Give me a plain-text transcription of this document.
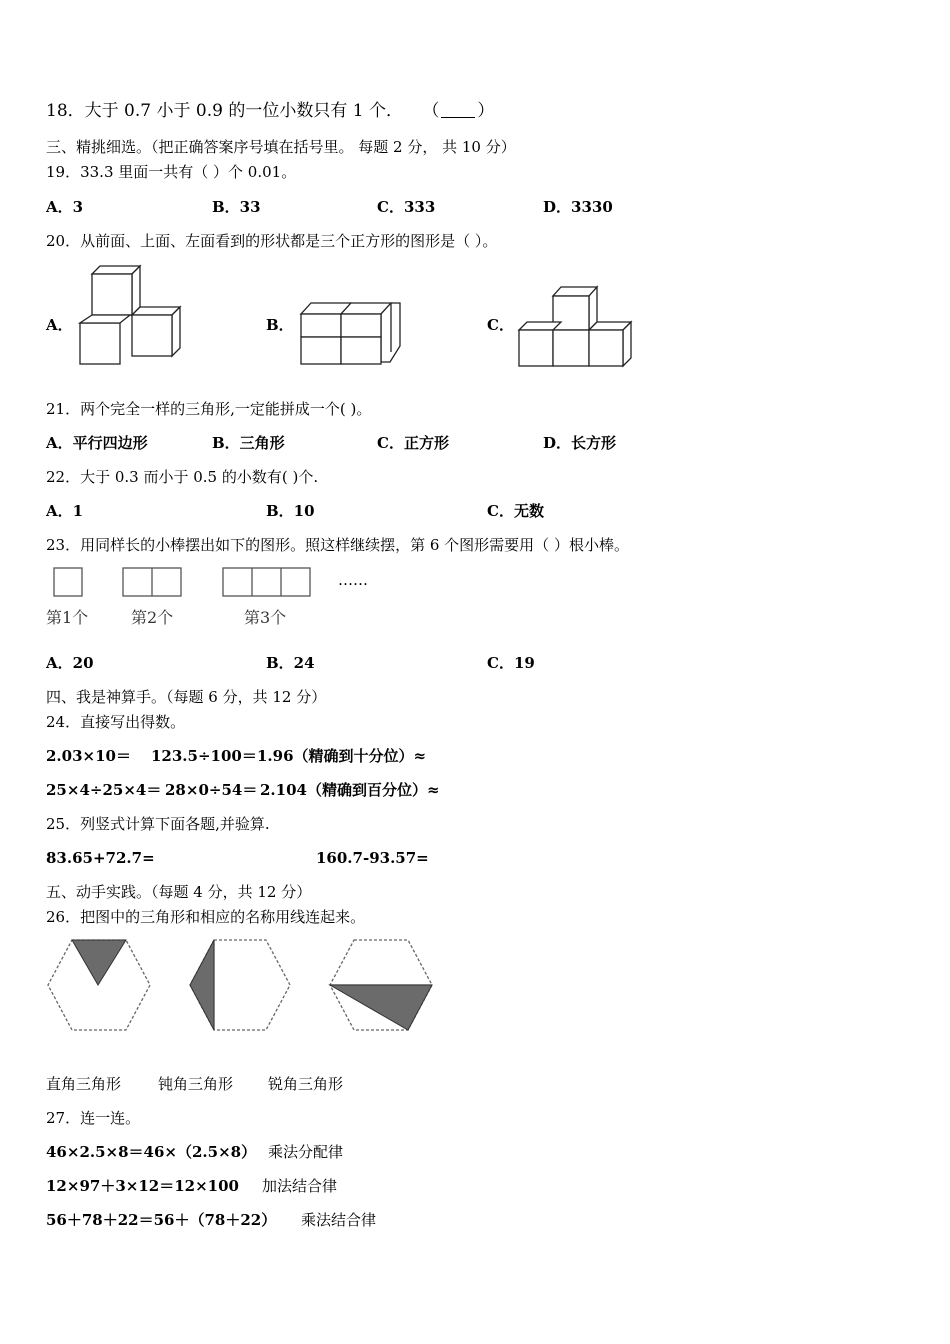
18．大于 0.7 小于 0.9 的一位小数只有 1 个． （ ）
三、精挑细选。（把正确答案序号填在括号里。 每题 2 分， 共 10 分）
19．33.3 里面一共有（ ）个 0.01。
A．3	B．33	C．333	D．3330
20．从前面、上面、左面看到的形状都是三个正方形的图形是（ ）。
A．	B．	C．
21．两个完全一样的三角形,一定能拼成一个( )。
A．平行四边形	B．三角形	C．正方形	D．长方形
22．大于 0.3 而小于 0.5 的小数有( )个.
A．1	B．10	C．无数
23．用同样长的小棒摆出如下的图形。照这样继续摆，第 6 个图形需要用（ ）根小棒。
……
第1个	第2个	第3个
A．20	B．24	C．19
四、我是神算手。（每题 6 分，共 12 分）
24．直接写出得数。
2.03×10＝ 123.5÷100＝ 1.96（精确到十分位）≈
25×4÷25×4＝ 28×0÷54＝ 2.104（精确到百分位）≈
25．列竖式计算下面各题,并验算.
83.65+72.7=	160.7-93.57=
五、动手实践。（每题 4 分，共 12 分）
26．把图中的三角形和相应的名称用线连起来。
直角三角形 钝角三角形 锐角三角形
27．连一连。
46×2.5×8＝46×（2.5×8） 乘法分配律
12×97＋3×12＝12×100 加法结合律
56＋78＋22＝56＋（78＋22） 乘法结合律
